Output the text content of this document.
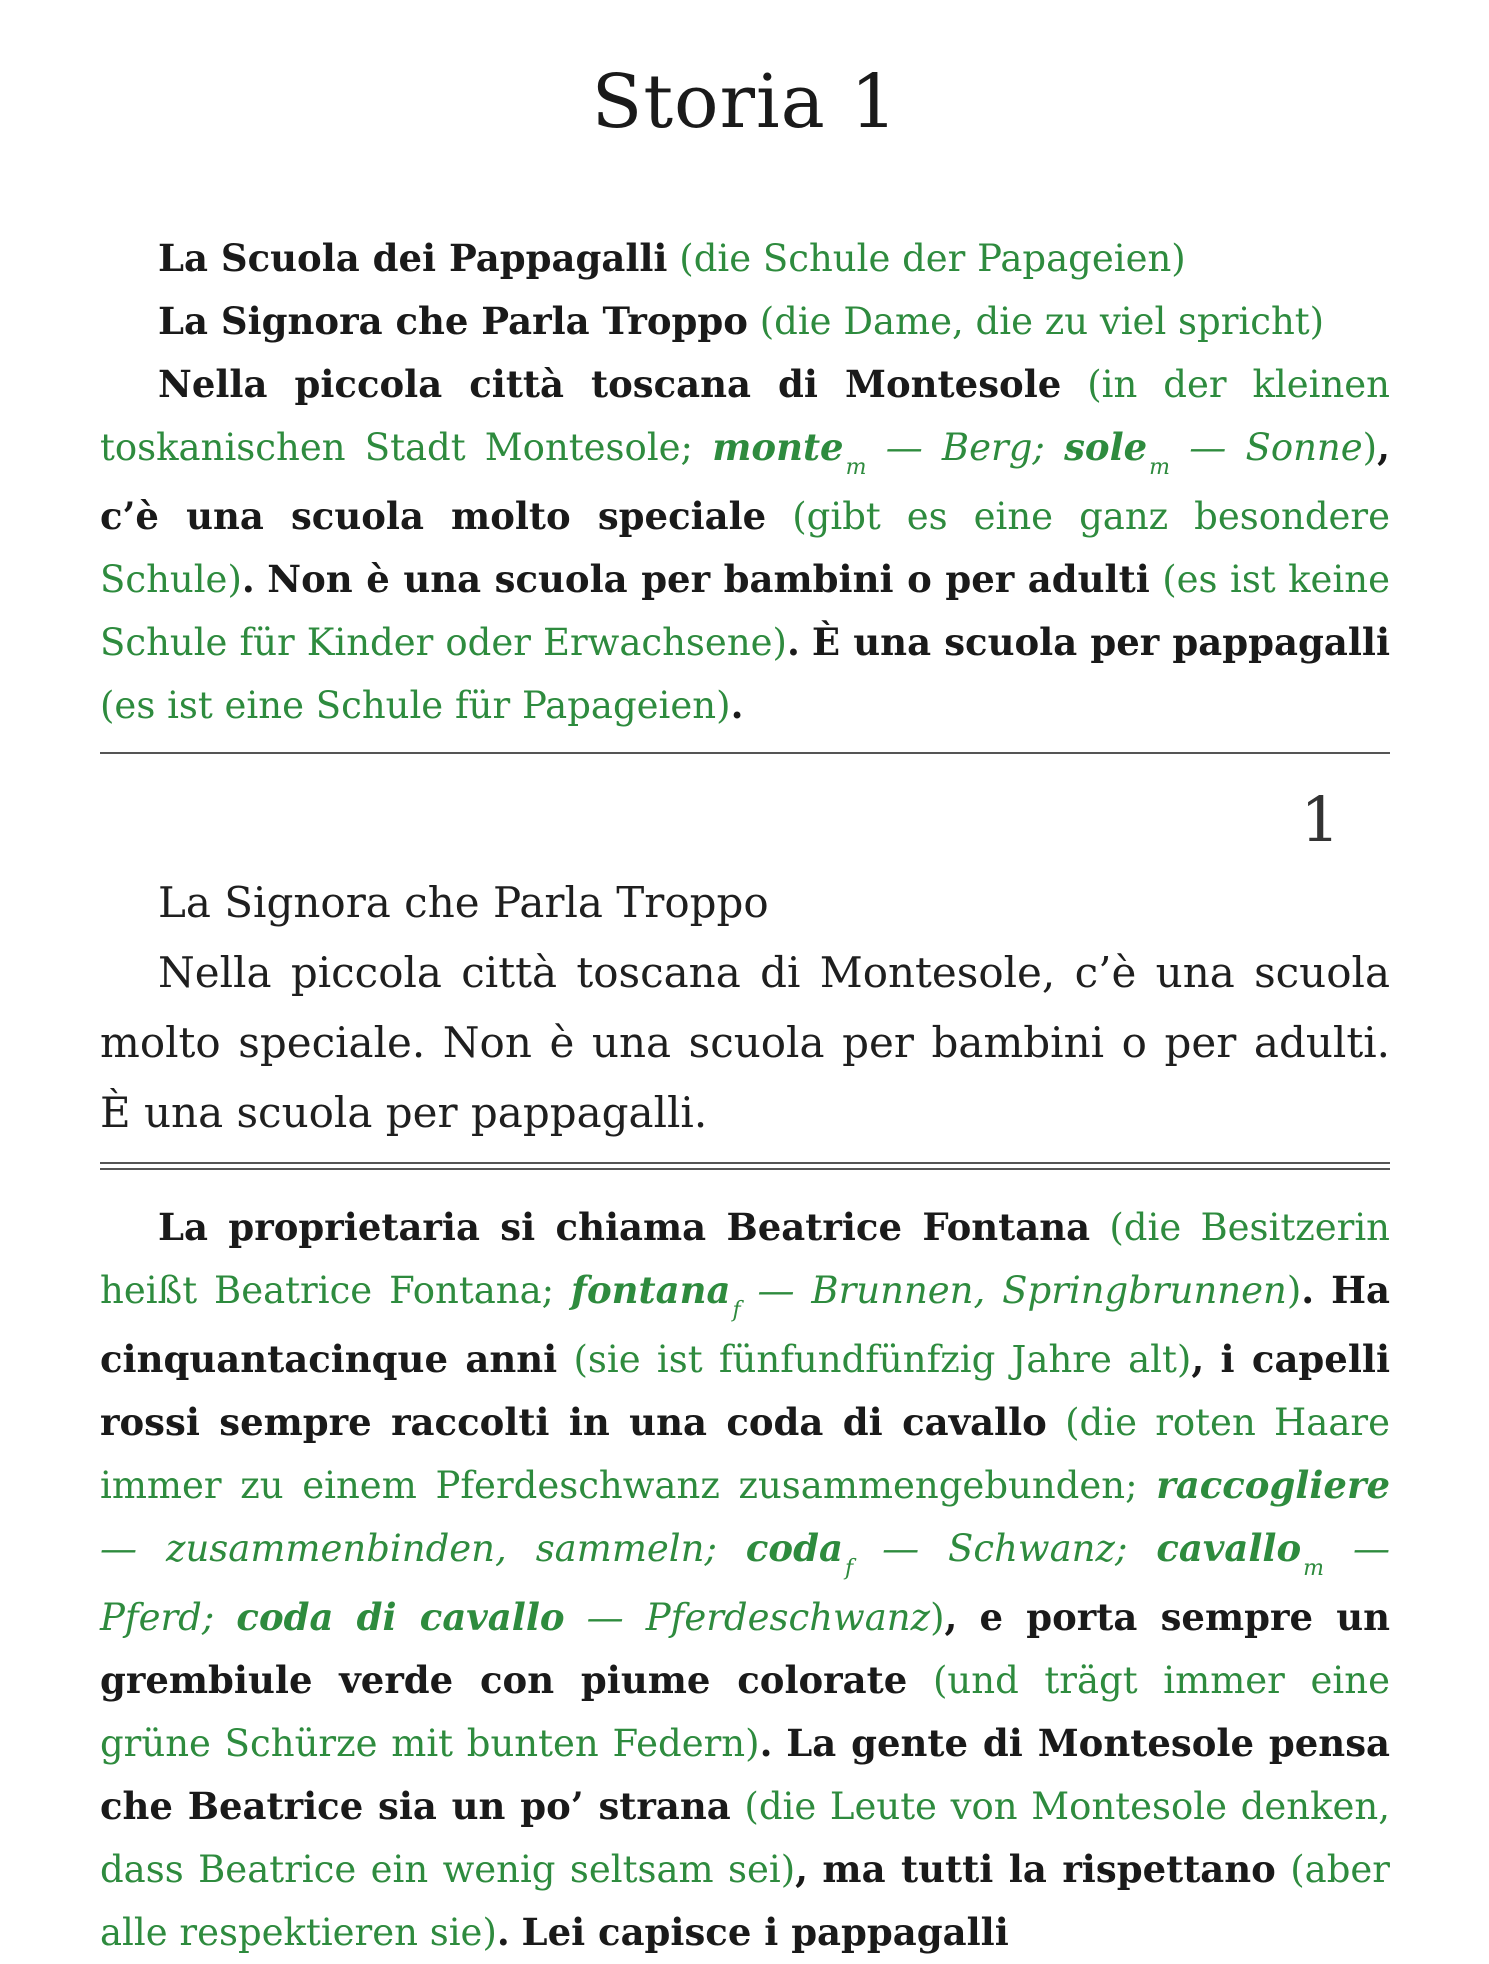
Storia 1

La Scuola dei Pappagalli (die Schule der Papageien)

La Signora che Parla Troppo (die Dame, die zu viel spricht)

Nella piccola città toscana di Montesole (in der kleinen toskanischen Stadt Montesole; monte$_m$ — Berg; sole$_m$ — Sonne), c’è una scuola molto speciale (gibt es eine ganz besondere Schule). Non è una scuola per bambini o per adulti (es ist keine Schule für Kinder oder Erwachsene). È una scuola per pappagalli (es ist eine Schule für Papageien).

1

La Signora che Parla Troppo

Nella piccola città toscana di Montesole, c’è una scuola molto speciale. Non è una scuola per bambini o per adulti. È una scuola per pappagalli.

La proprietaria si chiama Beatrice Fontana (die Besitzerin heißt Beatrice Fontana; fontana$_f$ — Brunnen, Springbrunnen). Ha cinquantacinque anni (sie ist fünfundfünfzig Jahre alt), i capelli rossi sempre raccolti in una coda di cavallo (die roten Haare immer zu einem Pferdeschwanz zusammengebunden; raccogliere — zusammenbinden, sammeln; coda$_f$ — Schwanz; cavallo$_m$ — Pferd; coda di cavallo — Pferdeschwanz), e porta sempre un grembiule verde con piume colorate (und trägt immer eine grüne Schürze mit bunten Federn). La gente di Montesole pensa che Beatrice sia un po’ strana (die Leute von Montesole denken, dass Beatrice ein wenig seltsam sei), ma tutti la rispettano (aber alle respektieren sie). Lei capisce i pappagalli
